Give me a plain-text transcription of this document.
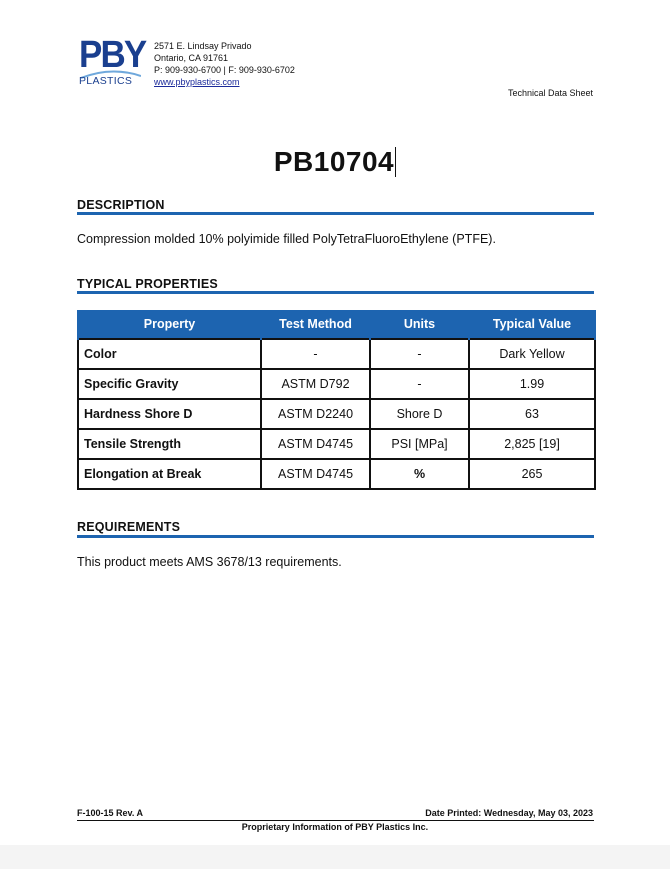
PBY
PLASTICS
2571 E. Lindsay Privado
Ontario, CA 91761
P: 909-930-6700 | F: 909-930-6702
www.pbyplastics.com
Technical Data Sheet
PB10704
DESCRIPTION
Compression molded 10% polyimide filled PolyTetraFluoroEthylene (PTFE).
TYPICAL PROPERTIES
Property	Test Method	Units	Typical Value
Color	-	-	Dark Yellow
Specific Gravity	ASTM D792	-	1.99
Hardness Shore D	ASTM D2240	Shore D	63
Tensile Strength	ASTM D4745	PSI [MPa]	2,825 [19]
Elongation at Break	ASTM D4745	%	265
REQUIREMENTS
This product meets AMS 3678/13 requirements.
F-100-15 Rev. A	Date Printed: Wednesday, May 03, 2023
Proprietary Information of PBY Plastics Inc.
